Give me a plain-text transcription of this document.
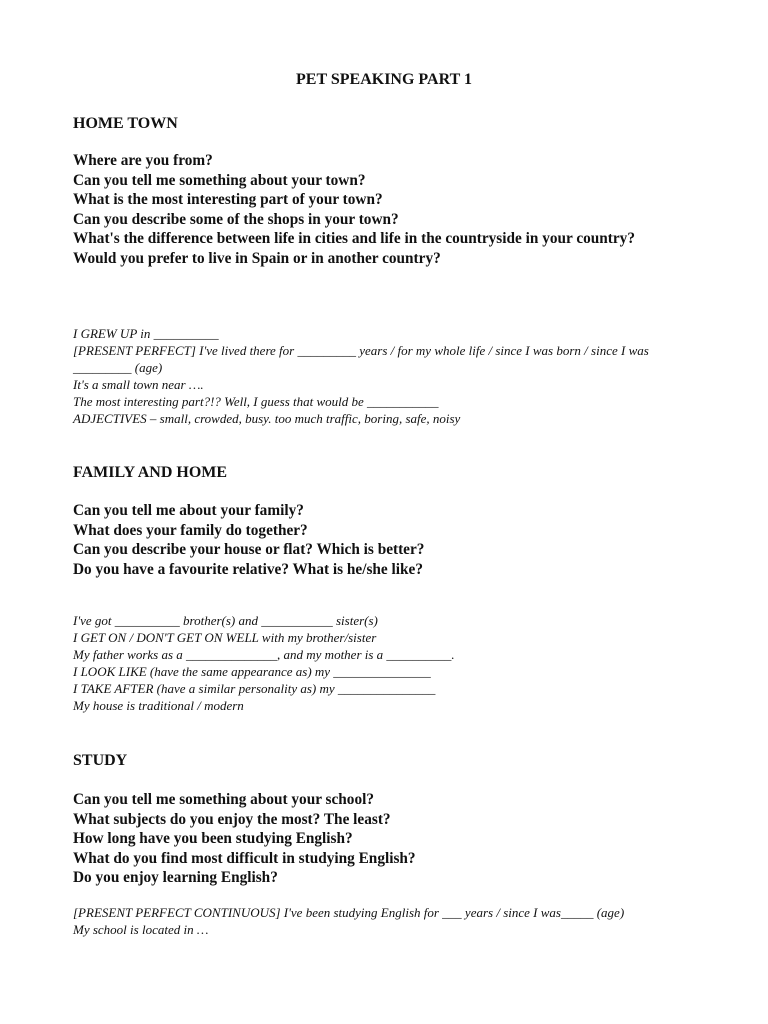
PET SPEAKING PART 1
HOME TOWN
Where are you from?
Can you tell me something about your town?
What is the most interesting part of your town?
Can you describe some of the shops in your town?
What's the difference between life in cities and life in the countryside in your country?
Would you prefer to live in Spain or in another country?
I GREW UP in __________
[PRESENT PERFECT] I've lived there for _________ years / for my whole life / since I was born / since I was _________ (age)
It's a small town near ….
The most interesting part?!? Well, I guess that would be ___________
ADJECTIVES – small, crowded, busy. too much traffic, boring, safe, noisy
FAMILY AND HOME
Can you tell me about your family?
What does your family do together?
Can you describe your house or flat? Which is better?
Do you have a favourite relative? What is he/she like?
I've got __________ brother(s) and ___________ sister(s)
I GET ON / DON'T GET ON WELL with my brother/sister
My father works as a ______________, and my mother is a __________.
I LOOK LIKE (have the same appearance as) my _______________
I TAKE AFTER (have a similar personality as) my _______________
My house is traditional / modern
STUDY
Can you tell me something about your school?
What subjects do you enjoy the most? The least?
How long have you been studying English?
What do you find most difficult in studying English?
Do you enjoy learning English?
[PRESENT PERFECT CONTINUOUS] I've been studying English for ___ years / since I was_____ (age)
My school is located in …
